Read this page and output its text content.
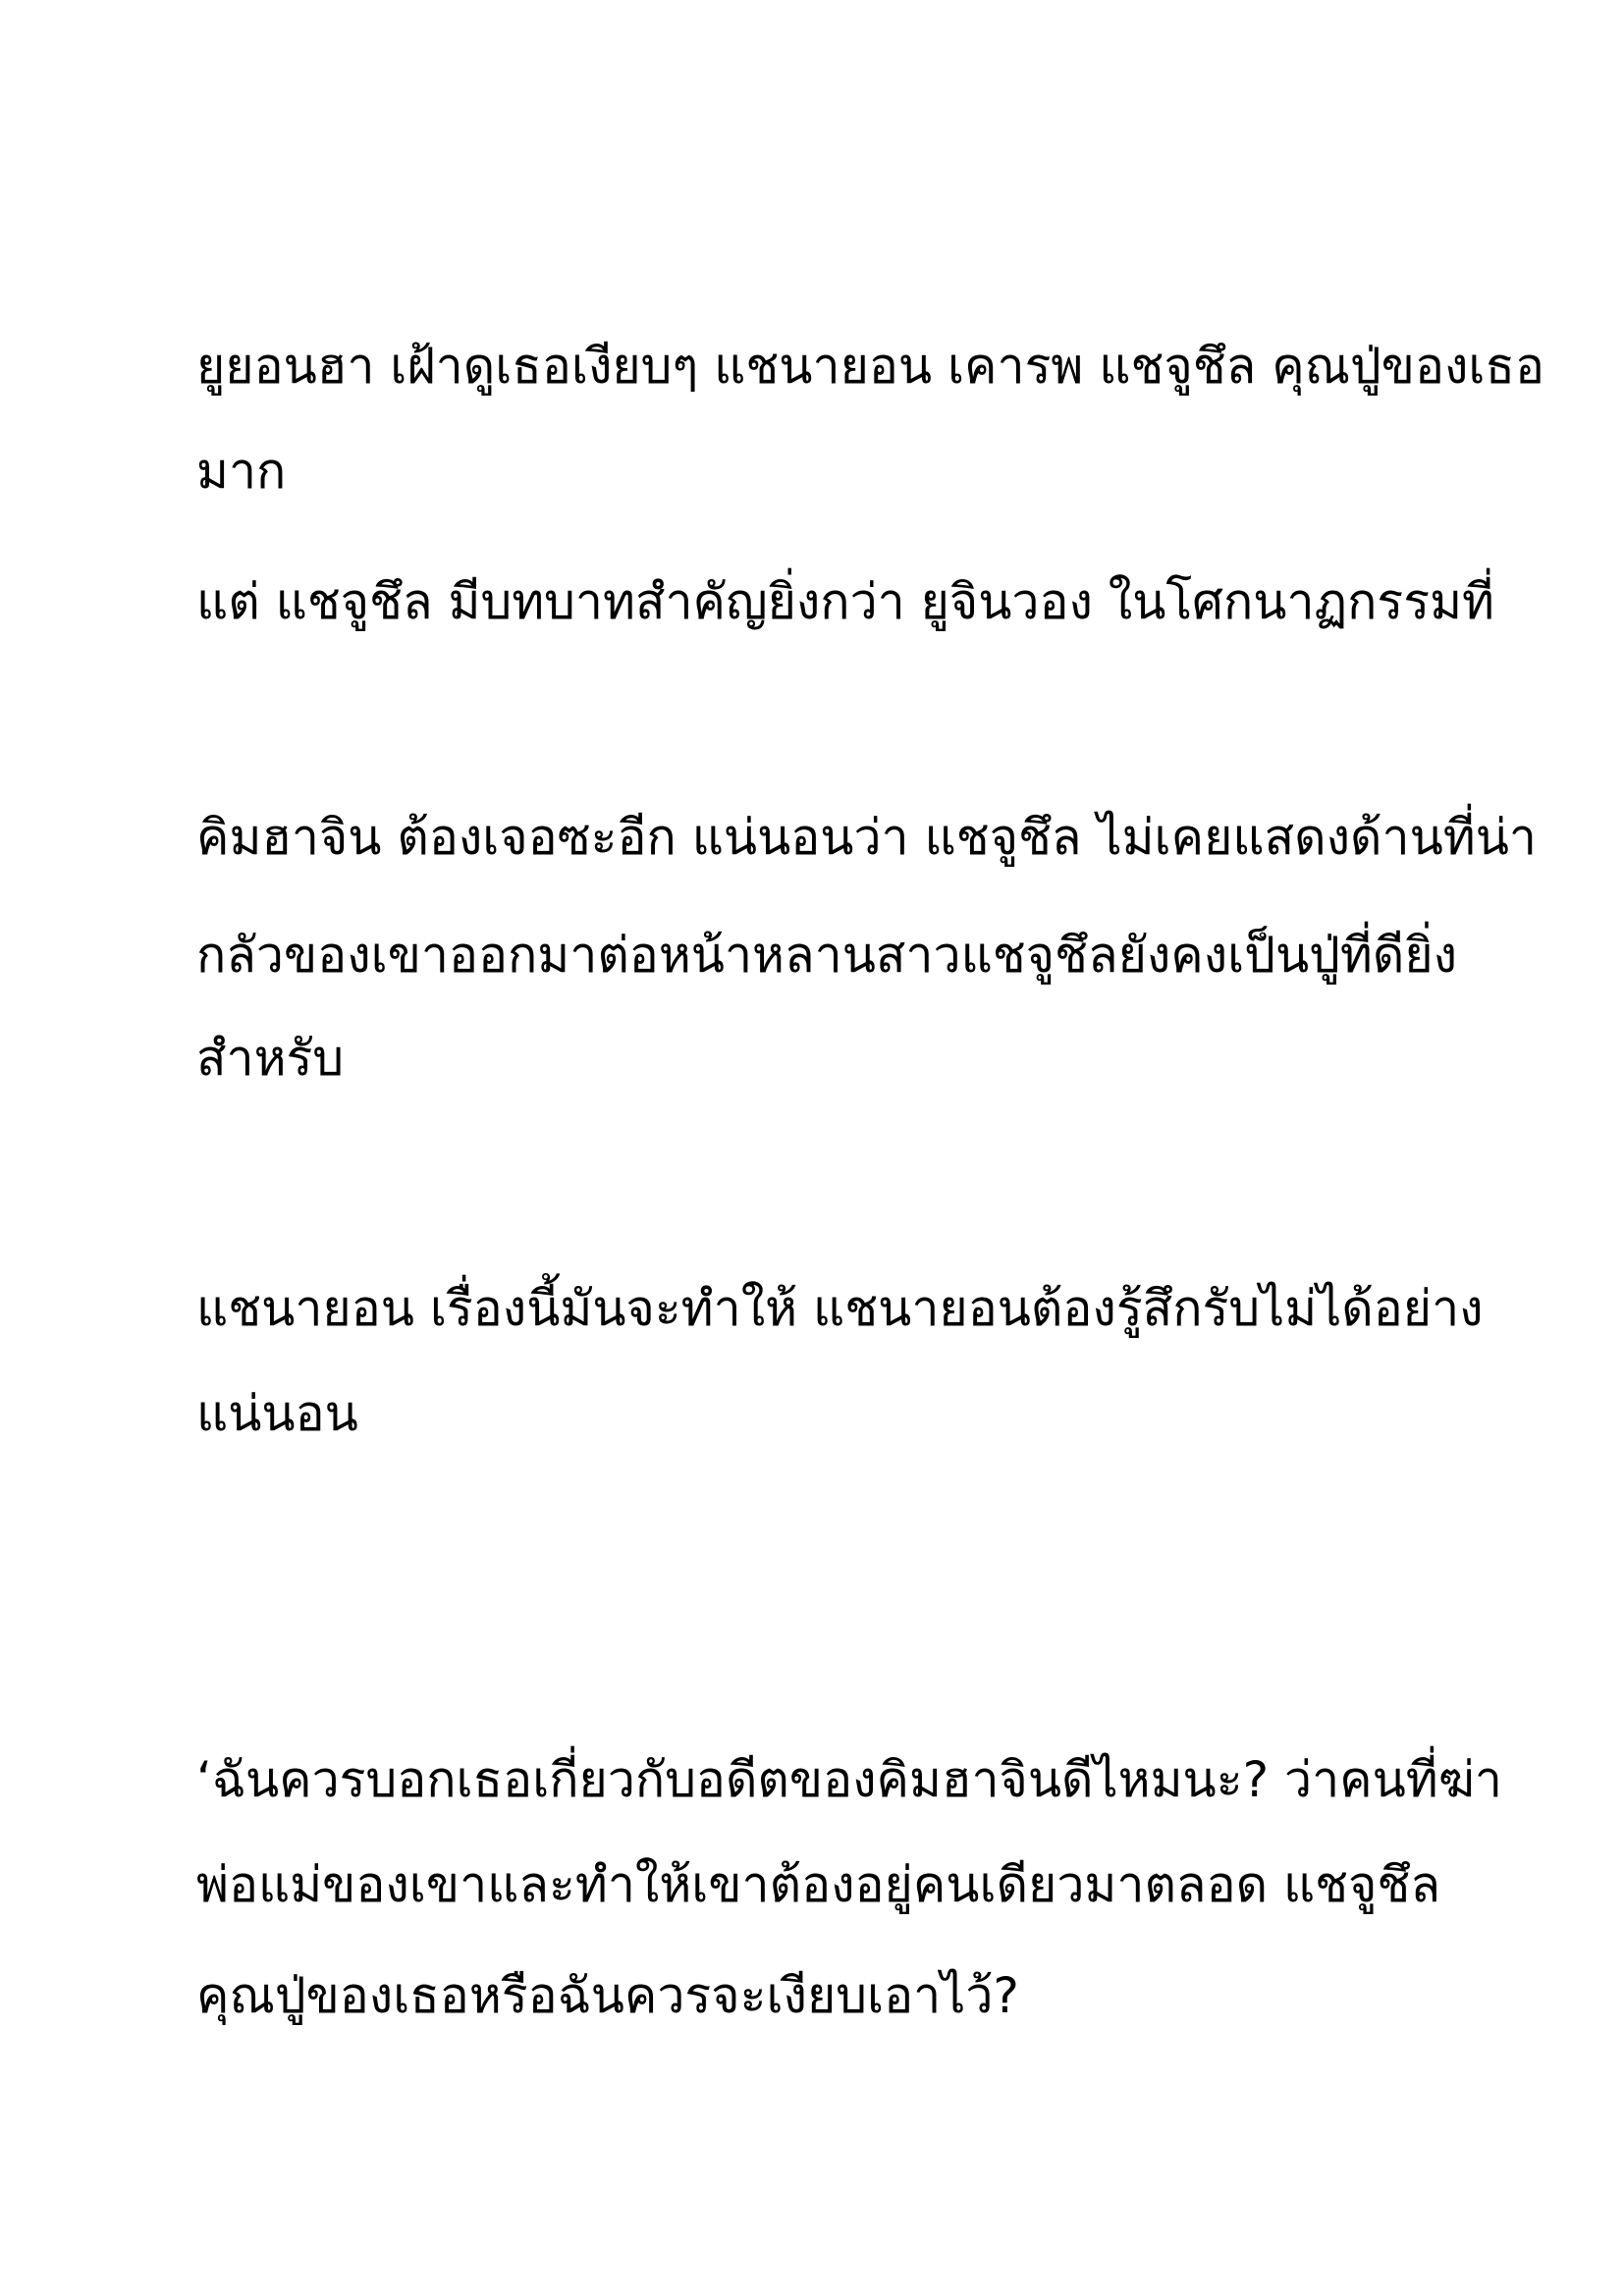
ยูยอนฮา เฝ้าดูเธอเงียบๆ แชนายอน เคารพ แชจูชึล คุณปู่ของเธอ

มาก

แต่ แชจูชึล มีบทบาทสำคัญยิ่งกว่า ยูจินวอง ในโศกนาฏกรรมที่

คิมฮาจิน ต้องเจอซะอีก แน่นอนว่า แชจูชึล ไม่เคยแสดงด้านที่น่า

กลัวของเขาออกมาต่อหน้าหลานสาวแชจูชึลยังคงเป็นปู่ที่ดียิ่ง

สำหรับ

แชนายอน เรื่องนี้มันจะทำให้ แชนายอนต้องรู้สึกรับไม่ได้อย่าง

แน่นอน

‘ฉันควรบอกเธอเกี่ยวกับอดีตของคิมฮาจินดีไหมนะ? ว่าคนที่ฆ่า

พ่อแม่ของเขาและทำให้เขาต้องอยู่คนเดียวมาตลอด แชจูชึล

คุณปู่ของเธอหรือฉันควรจะเงียบเอาไว้?
